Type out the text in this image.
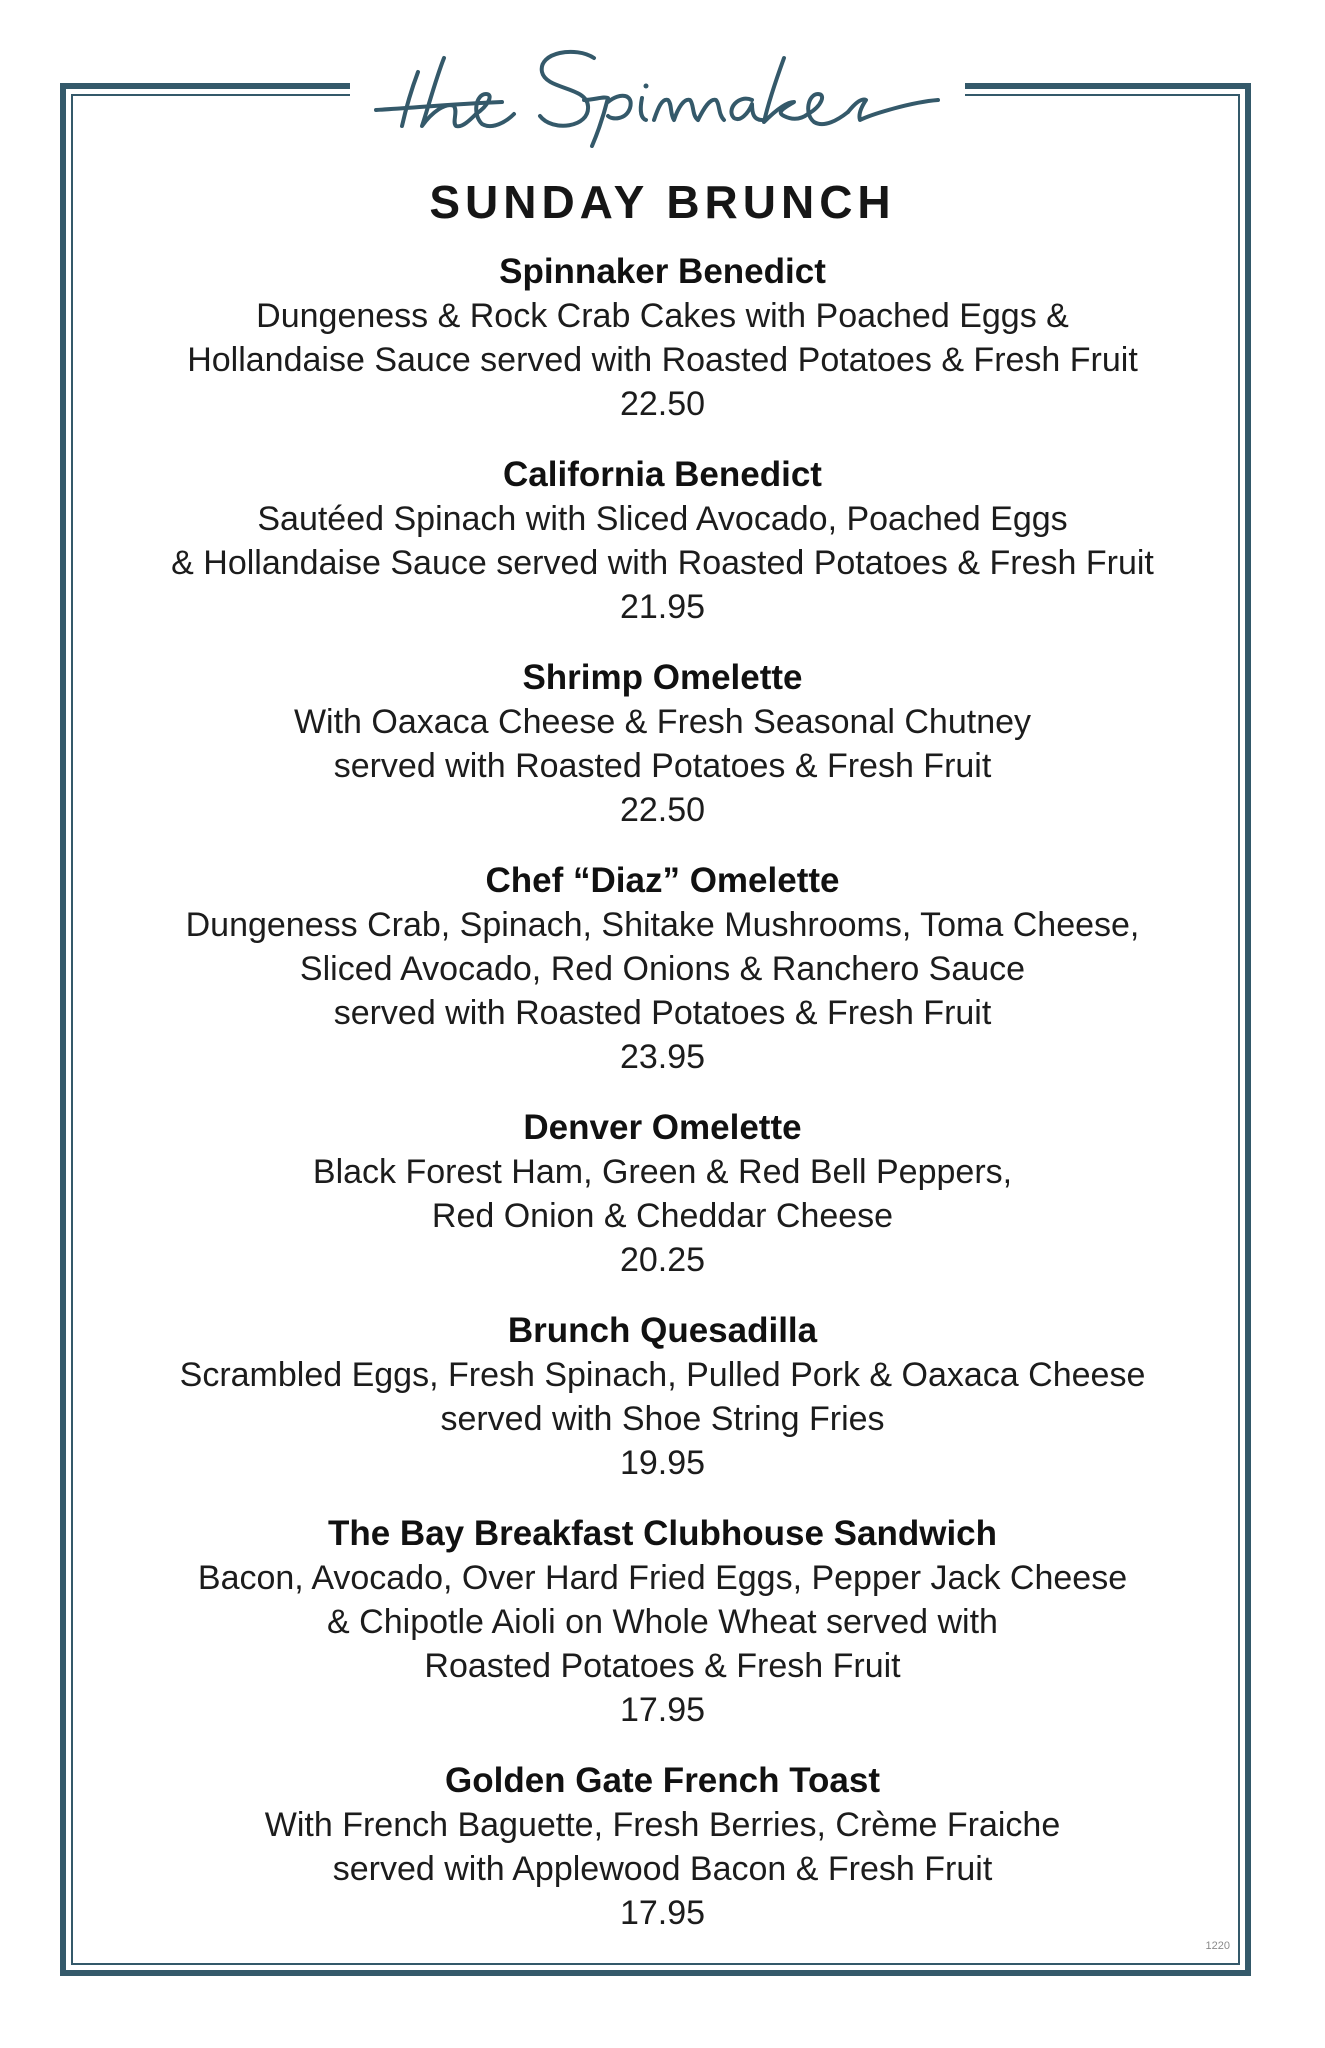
SUNDAY BRUNCH
Spinnaker Benedict
Dungeness & Rock Crab Cakes with Poached Eggs &
Hollandaise Sauce served with Roasted Potatoes & Fresh Fruit
22.50
California Benedict
Sautéed Spinach with Sliced Avocado, Poached Eggs
& Hollandaise Sauce served with Roasted Potatoes & Fresh Fruit
21.95
Shrimp Omelette
With Oaxaca Cheese & Fresh Seasonal Chutney
served with Roasted Potatoes & Fresh Fruit
22.50
Chef “Diaz” Omelette
Dungeness Crab, Spinach, Shitake Mushrooms, Toma Cheese,
Sliced Avocado, Red Onions & Ranchero Sauce
served with Roasted Potatoes & Fresh Fruit
23.95
Denver Omelette
Black Forest Ham, Green & Red Bell Peppers,
Red Onion & Cheddar Cheese
20.25
Brunch Quesadilla
Scrambled Eggs, Fresh Spinach, Pulled Pork & Oaxaca Cheese
served with Shoe String Fries
19.95
The Bay Breakfast Clubhouse Sandwich
Bacon, Avocado, Over Hard Fried Eggs, Pepper Jack Cheese
& Chipotle Aioli on Whole Wheat served with
Roasted Potatoes & Fresh Fruit
17.95
Golden Gate French Toast
With French Baguette, Fresh Berries, Crème Fraiche
served with Applewood Bacon & Fresh Fruit
17.95
1220
